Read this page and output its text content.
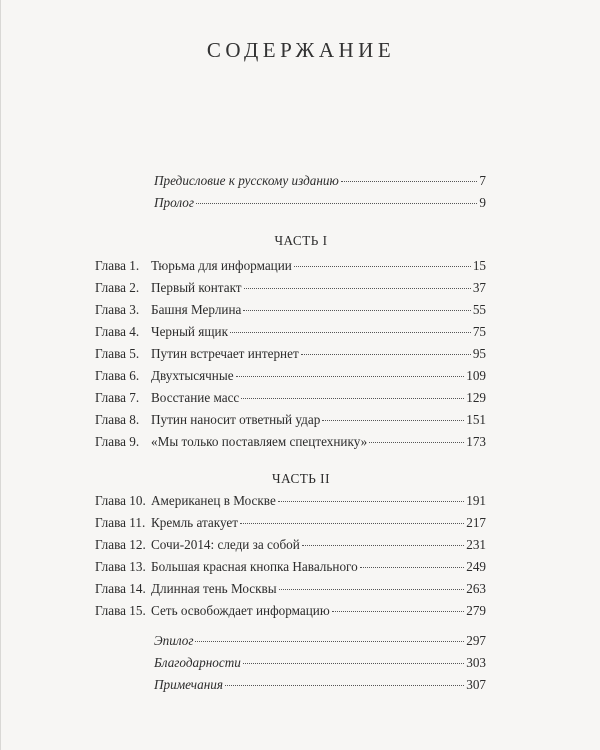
СОДЕРЖАНИЕ
Предисловие к русскому изданию	7
Пролог	9
ЧАСТЬ I
Глава 1. Тюрьма для информации	15
Глава 2. Первый контакт	37
Глава 3. Башня Мерлина	55
Глава 4. Черный ящик	75
Глава 5. Путин встречает интернет	95
Глава 6. Двухтысячные	109
Глава 7. Восстание масс	129
Глава 8. Путин наносит ответный удар	151
Глава 9. «Мы только поставляем спецтехнику»	173
ЧАСТЬ II
Глава 10. Американец в Москве	191
Глава 11. Кремль атакует	217
Глава 12. Сочи-2014: следи за собой	231
Глава 13. Большая красная кнопка Навального	249
Глава 14. Длинная тень Москвы	263
Глава 15. Сеть освобождает информацию	279
Эпилог	297
Благодарности	303
Примечания	307
